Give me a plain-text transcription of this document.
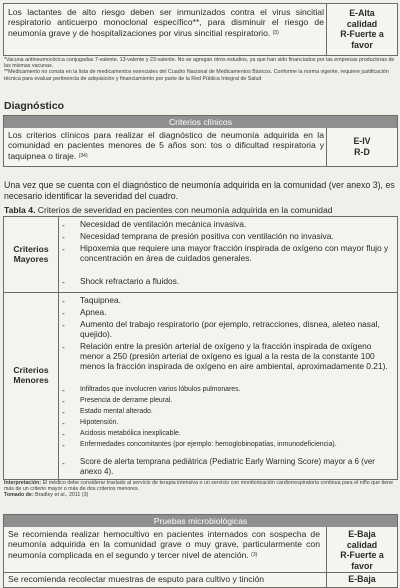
Los lactantes de alto riesgo deben ser inmunizados contra el virus sincitial respiratorio anticuerpo monoclonal específico**, para disminuir el riesgo de neumonía grave y de hospitalizaciones por virus sincitial respiratorio. $^{(3)}$
E-Alta
calidad
R-Fuerte a
favor
*Vacuna antineumocócica conjugadas 7-valente, 13-valente y 23-valente. No se agregan otros estudios, ya que han sido financiados por las empresas productoras de las mismas vacunas.
**Medicamento no consta en la lista de medicamentos esenciales del Cuadro Nacional de Medicamentos Básicos. Conforme la norma vigente, requiere justificación técnica para evaluar pertinencia de adquisición y financiamiento por parte de la Red Pública Integral de Salud
Diagnóstico
Criterios clínicos
Los criterios clínicos para realizar el diagnóstico de neumonía adquirida en la comunidad en pacientes menores de 5 años son: tos o dificultad respiratoria y taquipnea o tiraje. $^{(34)}$
E-IV
R-D
Una vez que se cuenta con el diagnóstico de neumonía adquirida en la comunidad (ver anexo 3), es necesario identificar la severidad del cuadro.
Tabla 4. Criterios de severidad en pacientes con neumonía adquirida en la comunidad
Criterios
Mayores
- Necesidad de ventilación mecánica invasiva.
- Necesidad temprana de presión positiva con ventilación no invasiva.
- Hipoxemia que requiere una mayor fracción inspirada de oxígeno con mayor flujo y concentración en área de cuidados generales.
- Shock refractario a fluidos.
Criterios
Menores
- Taquipnea.
- Apnea.
- Aumento del trabajo respiratorio (por ejemplo, retracciones, disnea, aleteo nasal, quejido).
- Relación entre la presión arterial de oxígeno y la fracción inspirada de oxígeno menor a 250 (presión arterial de oxígeno es igual a la resta de la constante 100 menos la fracción inspirada de oxígeno en aire ambiental, aproximadamente 0.21).
- Infiltrados que involucren varios lóbulos pulmonares.
- Presencia de derrame pleural.
- Estado mental alterado.
- Hipotensión.
- Acidosis metabólica inexplicable.
- Enfermedades concomitantes (por ejemplo: hemoglobinopatías, inmunodeficiencia).
- Score de alerta temprana pediátrica (Pediatric Early Warning Score) mayor a 6 (ver anexo 4).
Interpretación: El médico debe considerar traslado al servicio de terapia intensiva o un servicio con monitorización cardiorrespiratoria continua para el niño que tiene más de un criterio mayor o más de dos criterios menores.
Tomado de: Bradley et al., 2011 (3)
Pruebas microbiológicas
Se recomienda realizar hemocultivo en pacientes internados con sospecha de neumonía adquirida en la comunidad grave o muy grave, particularmente con neumonía complicada en el segundo y tercer nivel de atención. $^{(3)}$
E-Baja
calidad
R-Fuerte a
favor
Se recomienda recolectar muestras de esputo para cultivo y tinción	E-Baja
